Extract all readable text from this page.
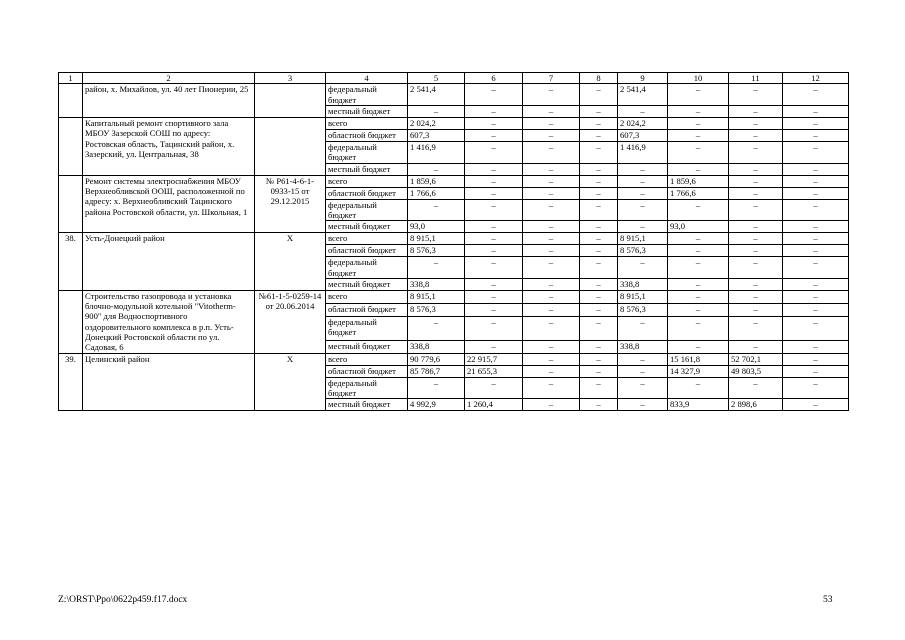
1	2	3	4	5	6	7	8	9	10	11	12
	район, х. Михайлов, ул. 40 лет Пионерии, 25		федеральный бюджет	2 541,4	–	–	–	2 541,4	–	–	–
			местный бюджет	–	–	–	–	–	–	–	–
	Капитальный ремонт спортивного зала МБОУ Зазерской СОШ по адресу: Ростовская область, Тацинский район, х. Зазерский, ул. Центральная, 38		всего	2 024,2	–	–	–	2 024,2	–	–	–
			областной бюджет	607,3	–	–	–	607,3	–	–	–
			федеральный бюджет	1 416,9	–	–	–	1 416,9	–	–	–
			местный бюджет	–	–	–	–	–	–	–	–
	Ремонт системы электроснабжения МБОУ Верхнеобливской ООШ, расположенной по адресу: х. Верхнеобливский Тацинского района Ростовской области, ул. Школьная, 1	№ Р61-4-6-1-0933-15 от 29.12.2015	всего	1 859,6	–	–	–	–	1 859,6	–	–
			областной бюджет	1 766,6	–	–	–	–	1 766,6	–	–
			федеральный бюджет	–	–	–	–	–	–	–	–
			местный бюджет	93,0	–	–	–	–	93,0	–	–
38.	Усть-Донецкий район	Х	всего	8 915,1	–	–	–	8 915,1	–	–	–
			областной бюджет	8 576,3	–	–	–	8 576,3	–	–	–
			федеральный бюджет	–	–	–	–	–	–	–	–
			местный бюджет	338,8	–	–	–	338,8	–	–	–
	Строительство газопровода и установка блочно-модульной котельной "Vitotherm-900" для Водноспортивного оздоровительного комплекса в р.п. Усть-Донецкий Ростовской области по ул. Садовая, 6	№61-1-5-0259-14 от 20.06.2014	всего	8 915,1	–	–	–	8 915,1	–	–	–
			областной бюджет	8 576,3	–	–	–	8 576,3	–	–	–
			федеральный бюджет	–	–	–	–	–	–	–	–
			местный бюджет	338,8	–	–	–	338,8	–	–	–
39.	Целинский район	Х	всего	90 779,6	22 915,7	–	–	–	15 161,8	52 702,1	–
			областной бюджет	85 786,7	21 655,3	–	–	–	14 327,9	49 803,5	–
			федеральный бюджет	–	–	–	–	–	–	–	–
			местный бюджет	4 992,9	1 260,4	–	–	–	833,9	2 898,6	–
Z:\ORST\Ppo\0622p459.f17.docx	53
